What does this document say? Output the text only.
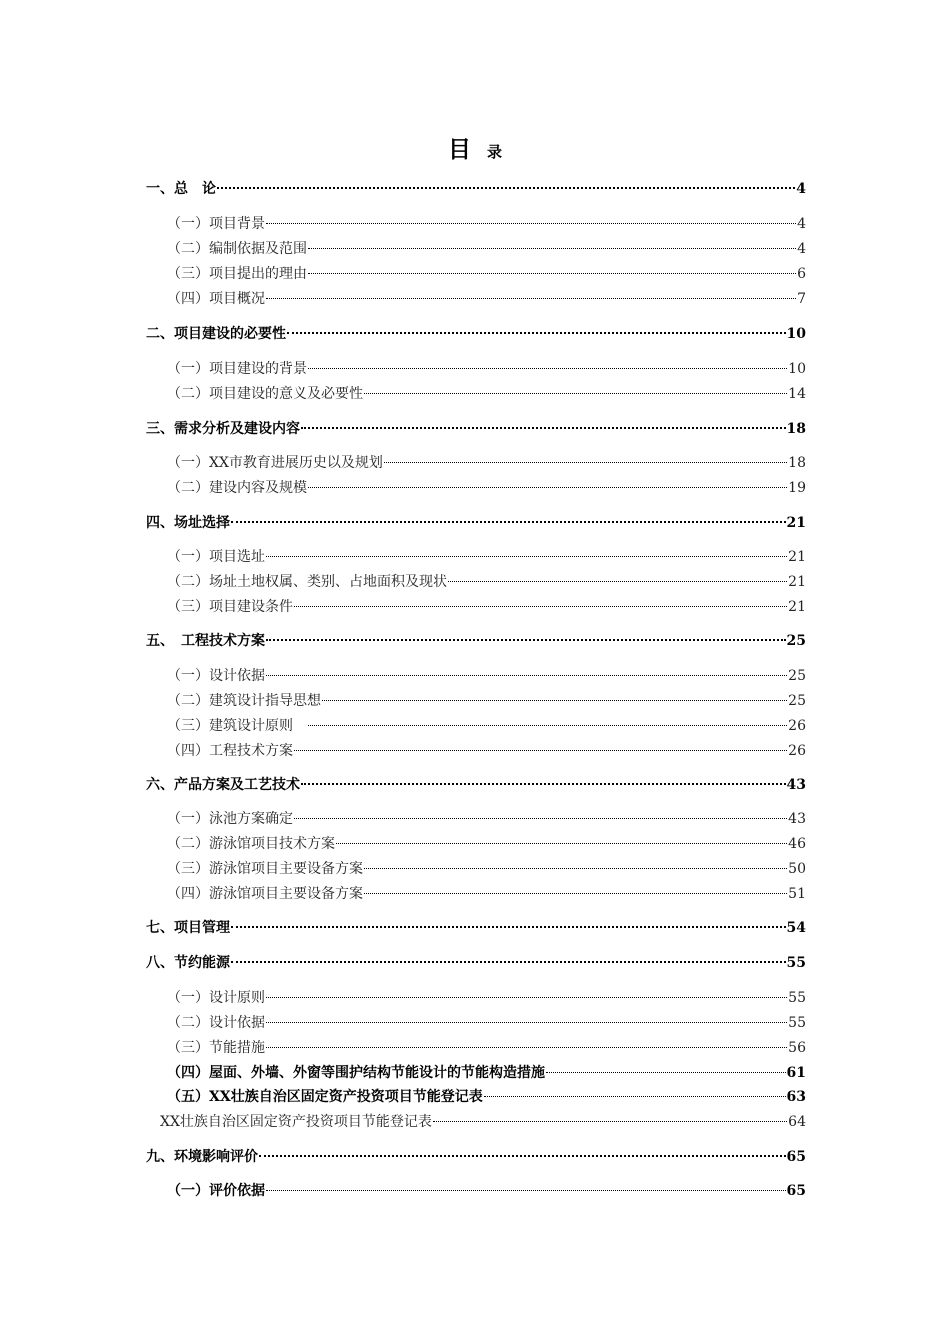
目 录
一、总　论	4
（一）项目背景	4
（二）编制依据及范围	4
（三）项目提出的理由	6
（四）项目概况	7
二、项目建设的必要性	10
（一）项目建设的背景	10
（二）项目建设的意义及必要性	14
三、需求分析及建设内容	18
（一）XX市教育进展历史以及规划	18
（二）建设内容及规模	19
四、场址选择	21
（一）项目选址	21
（二）场址土地权属、类别、占地面积及现状	21
（三）项目建设条件	21
五、　工程技术方案	25
（一）设计依据	25
（二）建筑设计指导思想	25
（三）建筑设计原则　	26
（四）工程技术方案	26
六、产品方案及工艺技术	43
（一）泳池方案确定	43
（二）游泳馆项目技术方案	46
（三）游泳馆项目主要设备方案	50
（四）游泳馆项目主要设备方案	51
七、项目管理	54
八、节约能源	55
（一）设计原则	55
（二）设计依据	55
（三）节能措施	56
（四）屋面、外墙、外窗等围护结构节能设计的节能构造措施	61
（五）XX壮族自治区固定资产投资项目节能登记表	63
XX壮族自治区固定资产投资项目节能登记表	64
九、环境影响评价	65
（一）评价依据	65
